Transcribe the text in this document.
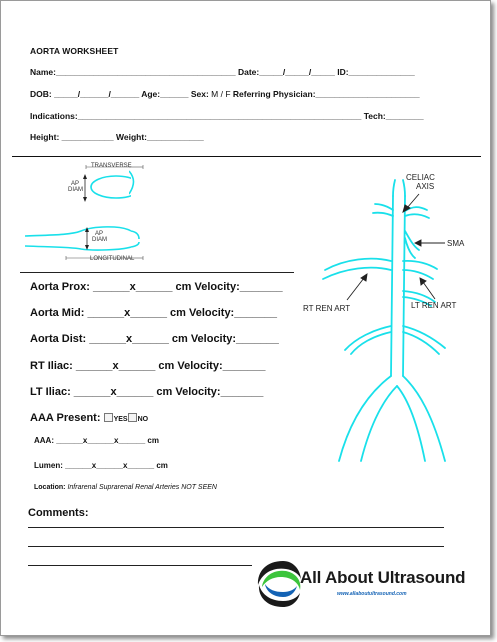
AORTA WORKSHEET
Name:______________________________________ Date:_____/_____/_____ ID:______________
DOB: _____/______/______ Age:______ Sex: M / F Referring Physician:______________________
Indications:____________________________________________________________ Tech:________
Height: ___________ Weight:____________
TRANSVERSE
AP
DIAM
AP
DIAM
LONGITUDINAL
CELIAC
AXIS
SMA
RT REN ART	LT REN ART
Aorta Prox: ______x______ cm Velocity:_______
Aorta Mid: ______x______ cm Velocity:_______
Aorta Dist: ______x______ cm Velocity:_______
RT Iliac: ______x______ cm Velocity:_______
LT Iliac: ______x______ cm Velocity:_______
AAA Present: YES NO
AAA: ______x______x______ cm
Lumen: ______x______x______ cm
Location: Infrarenal Suprarenal Renal Arteries NOT SEEN
Comments:
All About Ultrasound
www.allaboutultrasound.com
